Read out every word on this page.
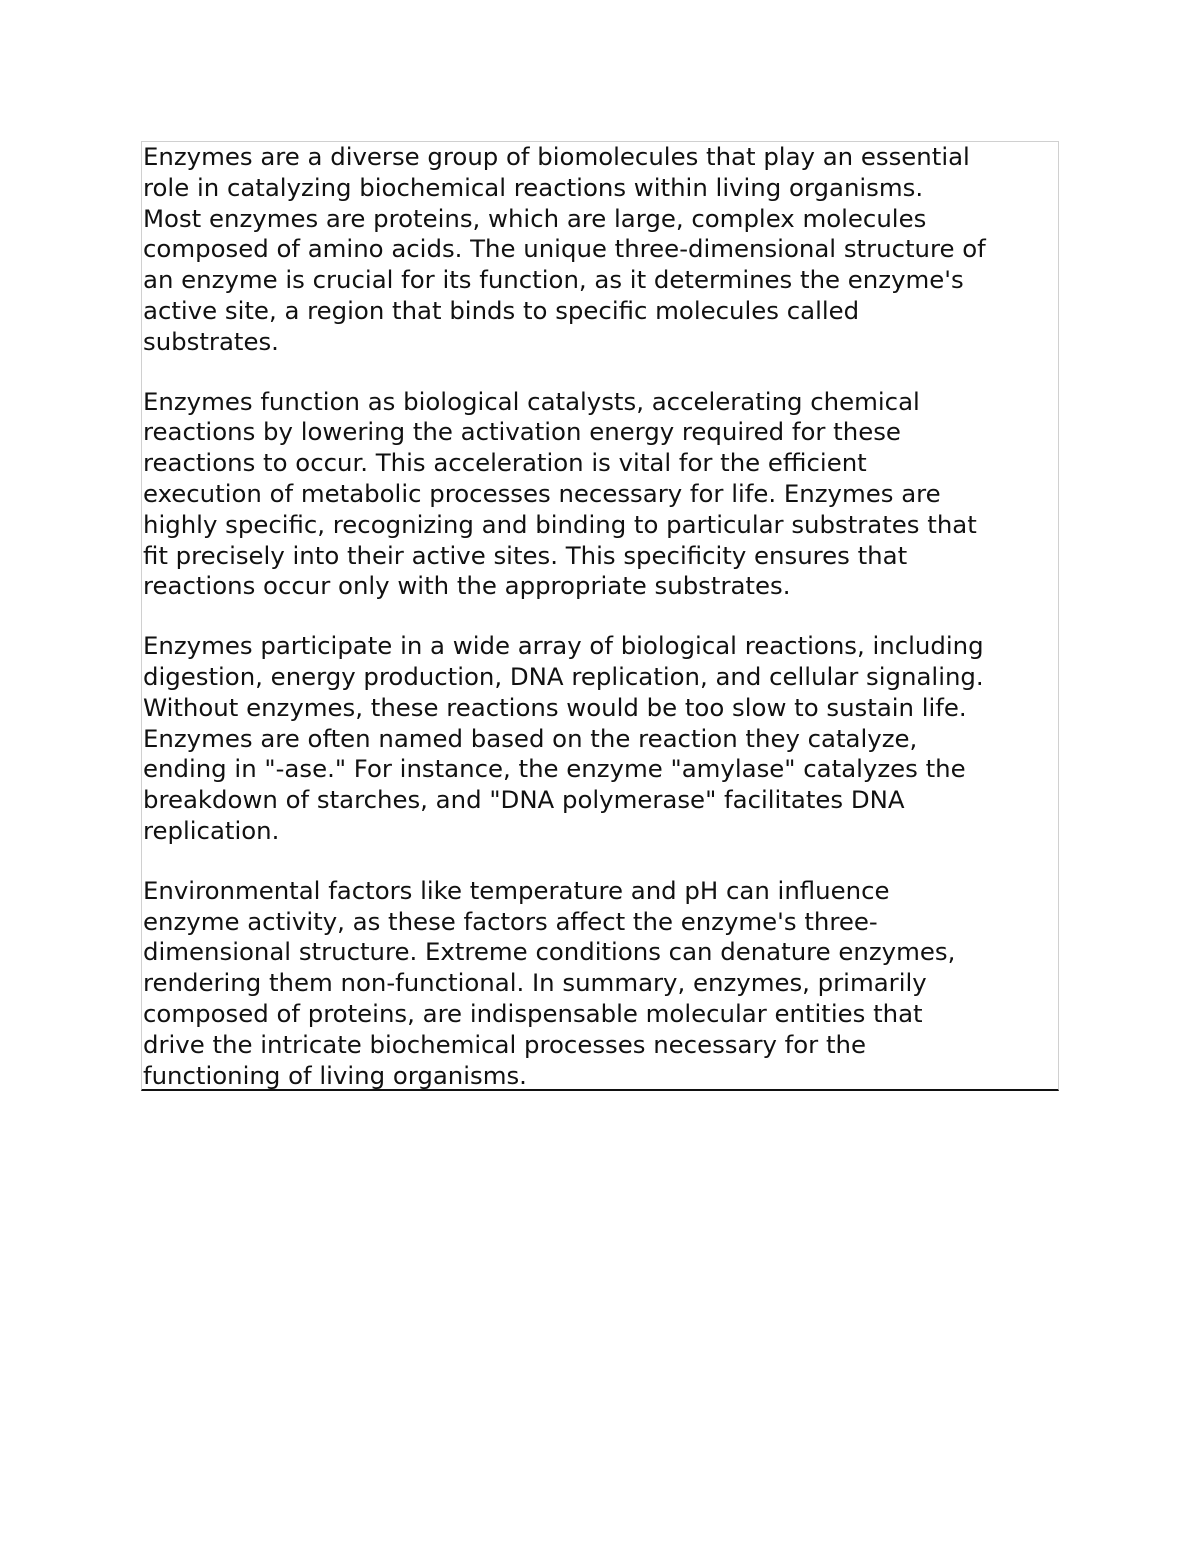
Enzymes are a diverse group of biomolecules that play an essential
role in catalyzing biochemical reactions within living organisms.
Most enzymes are proteins, which are large, complex molecules
composed of amino acids. The unique three-dimensional structure of
an enzyme is crucial for its function, as it determines the enzyme's
active site, a region that binds to specific molecules called
substrates.

Enzymes function as biological catalysts, accelerating chemical
reactions by lowering the activation energy required for these
reactions to occur. This acceleration is vital for the efficient
execution of metabolic processes necessary for life. Enzymes are
highly specific, recognizing and binding to particular substrates that
fit precisely into their active sites. This specificity ensures that
reactions occur only with the appropriate substrates.

Enzymes participate in a wide array of biological reactions, including
digestion, energy production, DNA replication, and cellular signaling.
Without enzymes, these reactions would be too slow to sustain life.
Enzymes are often named based on the reaction they catalyze,
ending in "-ase." For instance, the enzyme "amylase" catalyzes the
breakdown of starches, and "DNA polymerase" facilitates DNA
replication.

Environmental factors like temperature and pH can influence
enzyme activity, as these factors affect the enzyme's three-
dimensional structure. Extreme conditions can denature enzymes,
rendering them non-functional. In summary, enzymes, primarily
composed of proteins, are indispensable molecular entities that
drive the intricate biochemical processes necessary for the
functioning of living organisms.
